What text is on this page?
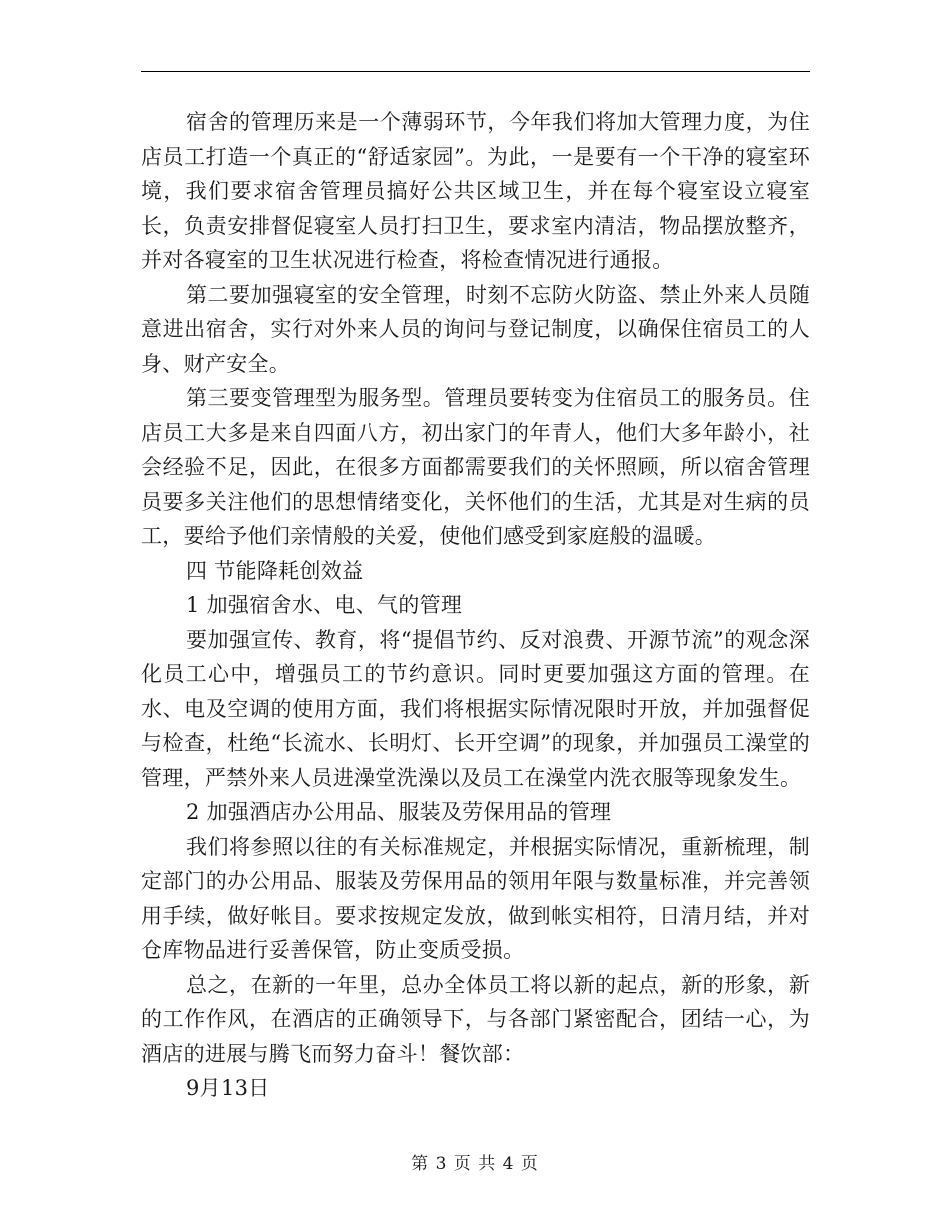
宿舍的管理历来是一个薄弱环节，今年我们将加大管理力度，为住店员工打造一个真正的“舒适家园”。为此，一是要有一个干净的寝室环境，我们要求宿舍管理员搞好公共区域卫生，并在每个寝室设立寝室长，负责安排督促寝室人员打扫卫生，要求室内清洁，物品摆放整齐，并对各寝室的卫生状况进行检查，将检查情况进行通报。

第二要加强寝室的安全管理，时刻不忘防火防盗、禁止外来人员随意进出宿舍，实行对外来人员的询问与登记制度，以确保住宿员工的人身、财产安全。

第三要变管理型为服务型。管理员要转变为住宿员工的服务员。住店员工大多是来自四面八方，初出家门的年青人，他们大多年龄小，社会经验不足，因此，在很多方面都需要我们的关怀照顾，所以宿舍管理员要多关注他们的思想情绪变化，关怀他们的生活，尤其是对生病的员工，要给予他们亲情般的关爱，使他们感受到家庭般的温暖。

四 节能降耗创效益

1 加强宿舍水、电、气的管理

要加强宣传、教育，将“提倡节约、反对浪费、开源节流”的观念深化员工心中，增强员工的节约意识。同时更要加强这方面的管理。在水、电及空调的使用方面，我们将根据实际情况限时开放，并加强督促与检查，杜绝“长流水、长明灯、长开空调”的现象，并加强员工澡堂的管理，严禁外来人员进澡堂洗澡以及员工在澡堂内洗衣服等现象发生。

2 加强酒店办公用品、服装及劳保用品的管理

我们将参照以往的有关标准规定，并根据实际情况，重新梳理，制定部门的办公用品、服装及劳保用品的领用年限与数量标准，并完善领用手续，做好帐目。要求按规定发放，做到帐实相符，日清月结，并对仓库物品进行妥善保管，防止变质受损。

总之，在新的一年里，总办全体员工将以新的起点，新的形象，新的工作作风，在酒店的正确领导下，与各部门紧密配合，团结一心，为酒店的进展与腾飞而努力奋斗！餐饮部：

9月13日

第 3 页 共 4 页
